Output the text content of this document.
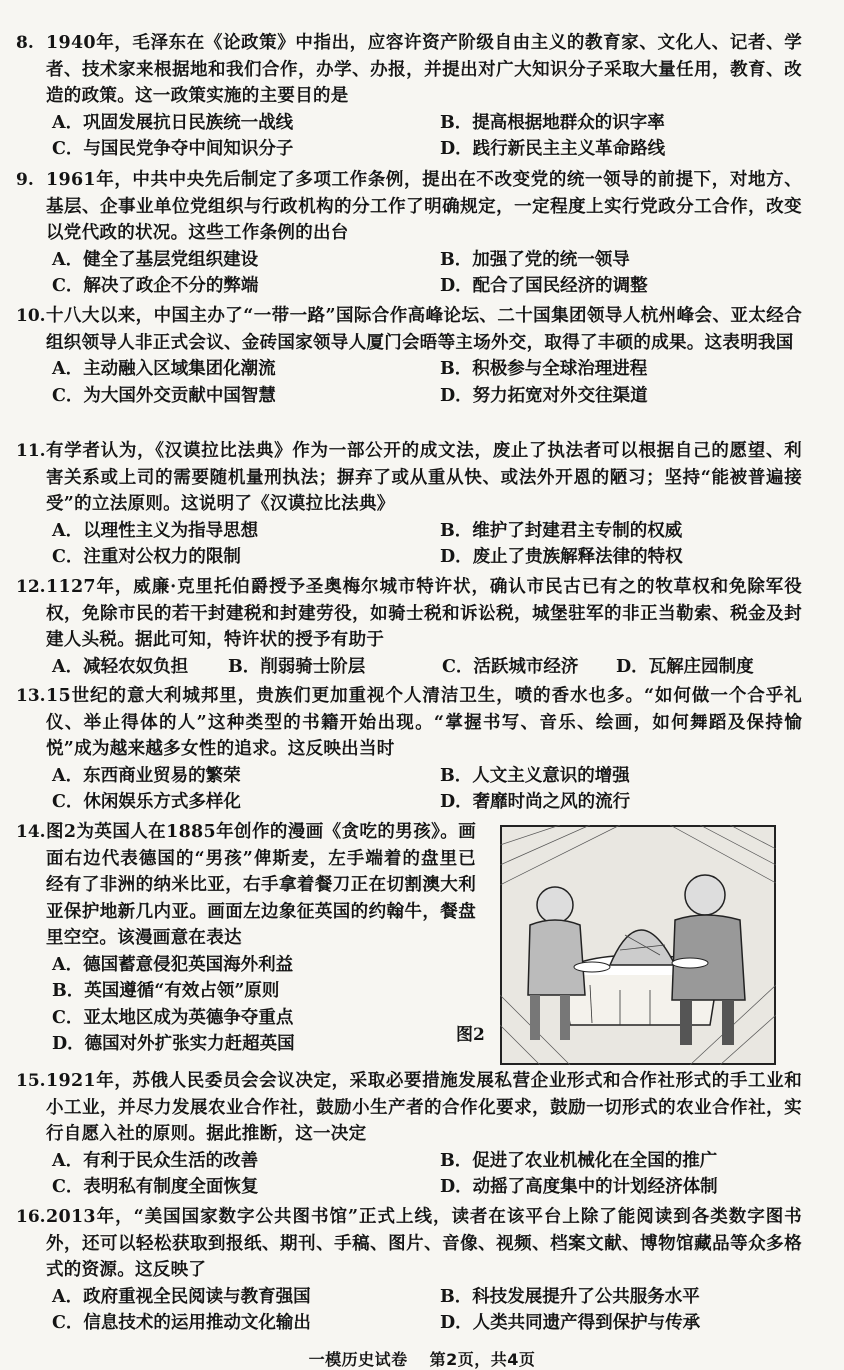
8. 1940年，毛泽东在《论政策》中指出，应容许资产阶级自由主义的教育家、文化人、记者、学者、技术家来根据地和我们合作，办学、办报，并提出对广大知识分子采取大量任用，教育、改造的政策。这一政策实施的主要目的是
A．巩固发展抗日民族统一战线	B．提高根据地群众的识字率
C．与国民党争夺中间知识分子	D．践行新民主主义革命路线
9. 1961年，中共中央先后制定了多项工作条例，提出在不改变党的统一领导的前提下，对地方、基层、企事业单位党组织与行政机构的分工作了明确规定，一定程度上实行党政分工合作，改变以党代政的状况。这些工作条例的出台
A．健全了基层党组织建设	B．加强了党的统一领导
C．解决了政企不分的弊端	D．配合了国民经济的调整
10. 十八大以来，中国主办了“一带一路”国际合作高峰论坛、二十国集团领导人杭州峰会、亚太经合组织领导人非正式会议、金砖国家领导人厦门会晤等主场外交，取得了丰硕的成果。这表明我国
A．主动融入区域集团化潮流	B．积极参与全球治理进程
C．为大国外交贡献中国智慧	D．努力拓宽对外交往渠道
11. 有学者认为，《汉谟拉比法典》作为一部公开的成文法，废止了执法者可以根据自己的愿望、利害关系或上司的需要随机量刑执法；摒弃了或从重从快、或法外开恩的陋习；坚持“能被普遍接受”的立法原则。这说明了《汉谟拉比法典》
A．以理性主义为指导思想	B．维护了封建君主专制的权威
C．注重对公权力的限制	D．废止了贵族解释法律的特权
12. 1127年，威廉·克里托伯爵授予圣奥梅尔城市特许状，确认市民古已有之的牧草权和免除军役权，免除市民的若干封建税和封建劳役，如骑士税和诉讼税，城堡驻军的非正当勒索、税金及封建人头税。据此可知，特许状的授予有助于
A．减轻农奴负担	B．削弱骑士阶层	C．活跃城市经济	D．瓦解庄园制度
13. 15世纪的意大利城邦里，贵族们更加重视个人清洁卫生，喷的香水也多。“如何做一个合乎礼仪、举止得体的人”这种类型的书籍开始出现。“掌握书写、音乐、绘画，如何舞蹈及保持愉悦”成为越来越多女性的追求。这反映出当时
A．东西商业贸易的繁荣	B．人文主义意识的增强
C．休闲娱乐方式多样化	D．奢靡时尚之风的流行
14. 图2为英国人在1885年创作的漫画《贪吃的男孩》。画面右边代表德国的“男孩”俾斯麦，左手端着的盘里已经有了非洲的纳米比亚，右手拿着餐刀正在切割澳大利亚保护地新几内亚。画面左边象征英国的约翰牛，餐盘里空空。该漫画意在表达
A．德国蓄意侵犯英国海外利益
B．英国遵循“有效占领”原则
C．亚太地区成为英德争夺重点
D．德国对外扩张实力赶超英国	图2
15. 1921年，苏俄人民委员会会议决定，采取必要措施发展私营企业形式和合作社形式的手工业和小工业，并尽力发展农业合作社，鼓励小生产者的合作化要求，鼓励一切形式的农业合作社，实行自愿入社的原则。据此推断，这一决定
A．有利于民众生活的改善	B．促进了农业机械化在全国的推广
C．表明私有制度全面恢复	D．动摇了高度集中的计划经济体制
16. 2013年，“美国国家数字公共图书馆”正式上线，读者在该平台上除了能阅读到各类数字图书外，还可以轻松获取到报纸、期刊、手稿、图片、音像、视频、档案文献、博物馆藏品等众多格式的资源。这反映了
A．政府重视全民阅读与教育强国	B．科技发展提升了公共服务水平
C．信息技术的运用推动文化输出	D．人类共同遗产得到保护与传承
一模历史试卷 第2页，共4页
